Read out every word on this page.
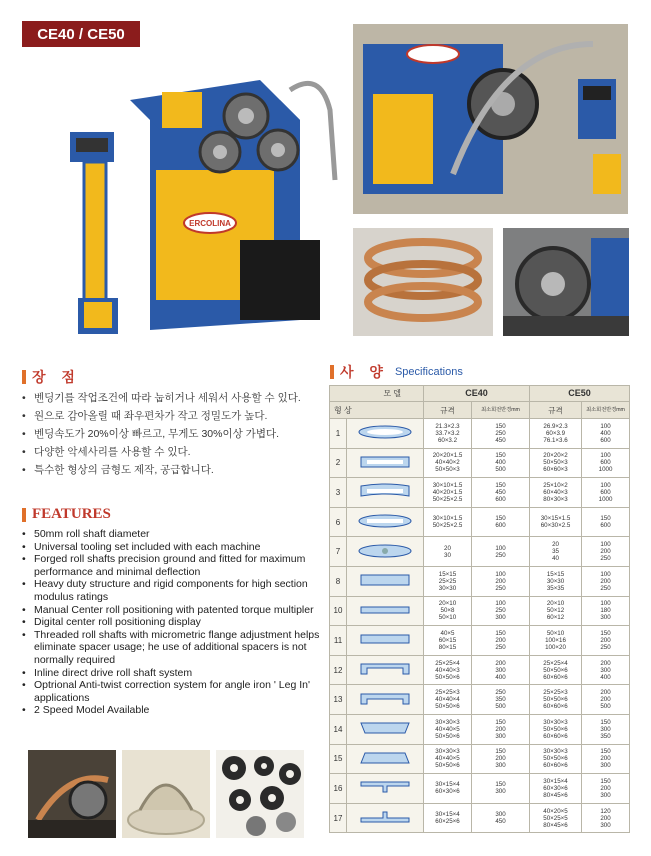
CE40 / CE50
ERCOLINA
장 점
• 벤딩기를 작업조건에 따라 눕히거나 세워서 사용할 수 있다.
• 원으로 감아올릴 때 좌우편차가 작고 정밀도가 높다.
• 벤딩속도가 20%이상 빠르고, 무게도 30%이상 가볍다.
• 다양한 악세사리를 사용할 수 있다.
• 특수한 형상의 금형도 제작, 공급합니다.
FEATURES
• 50mm roll shaft diameter
• Universal tooling set included with each machine
• Forged roll shafts precision ground and fitted for maximum performance and minimal deflection
• Heavy duty structure and rigid components for high section modulus ratings
• Manual Center roll positioning with patented torque multipler
• Digital center roll positioning display
• Threaded roll shafts with micrometric flange adjustment helps eliminate spacer usage; he use of additional spacers is not normally required
• Inline direct drive roll shaft system
• Optrional Anti-twist correction system for angle iron ' Leg In' applications
• 2 Speed Model Available
사 양 Specifications
모 델		CE40		CE50	
형 상		규격	최소회전반경mm	규격	최소회전반경mm
1		21.3×2.3
33.7×3.2
60×3.2	150
250
450	26.9×2.3
60×3.9
76.1×3.6	100
400
600
2		20×20×1.5
40×40×2
50×50×3	150
400
500	20×20×2
50×50×3
60×60×3	100
600
1000
3		30×10×1.5
40×20×1.5
50×25×2.5	150
450
600	25×10×2
60×40×3
80×30×3	100
600
1000
6		30×10×1.5
50×25×2.5	150
600	30×15×1.5
60×30×2.5	150
600
7		20
30	100
250	20
35
40	100
200
250
8		15×15
25×25
30×30	100
200
250	15×15
30×30
35×35	100
200
250
10		20×10
50×8
50×10	100
250
300	20×10
50×12
60×12	100
180
300
11		40×5
60×15
80×15	150
200
250	50×10
100×16
100×20	150
200
250
12		25×25×4
40×40×3
50×50×6	200
300
400	25×25×4
50×50×6
60×60×6	200
300
400
13		25×25×3
40×40×4
50×50×6	250
350
500	25×25×3
50×50×6
60×60×6	200
200
500
14		30×30×3
40×40×5
50×50×6	150
200
300	30×30×3
50×50×6
60×60×6	150
300
350
15		30×30×3
40×40×5
50×50×6	150
200
300	30×30×3
50×50×6
60×60×6	150
200
300
16		30×15×4
60×30×6	150
300	30×15×4
60×30×6
80×45×6	150
200
300
17		30×15×4
60×25×6	300
450	40×20×5
50×25×5
80×45×6	120
200
300
